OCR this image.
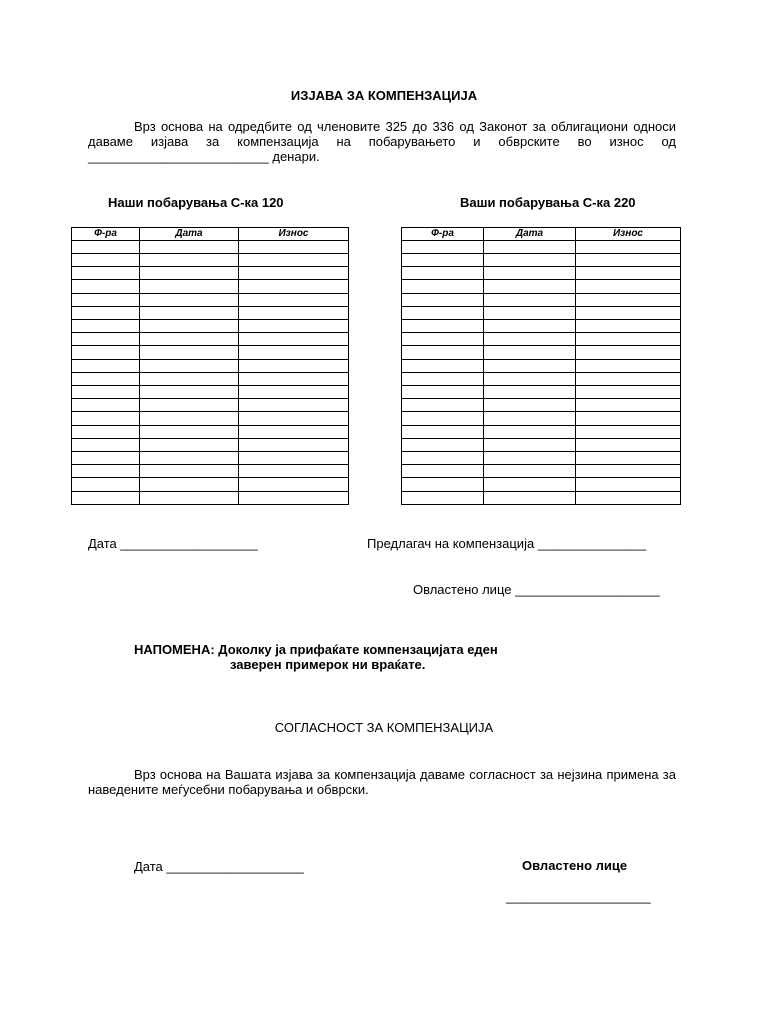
ИЗЈАВА ЗА КОМПЕНЗАЦИЈА
Врз основа на одредбите од членовите 325 до 336 од Законот за облигациони односи даваме изјава за компензација на побарувањето и обврските во износ од _________________________ денари.
Наши побарувања С-ка 120	Ваши побарувања С-ка 220
Ф-ра	Дата	Износ

			Ф-ра	Дата	Износ

Дата ___________________	Предлагач на компензација _______________
Овластено лице ____________________
НАПОМЕНА: Доколку ја прифаќате компензацијата еден
заверен примерок ни враќате.
СОГЛАСНОСТ ЗА КОМПЕНЗАЦИЈА
Врз основа на Вашата изјава за компензација даваме согласност за нејзина примена за наведените меѓусебни побарувања и обврски.
Дата ___________________	Овластено лице
____________________
